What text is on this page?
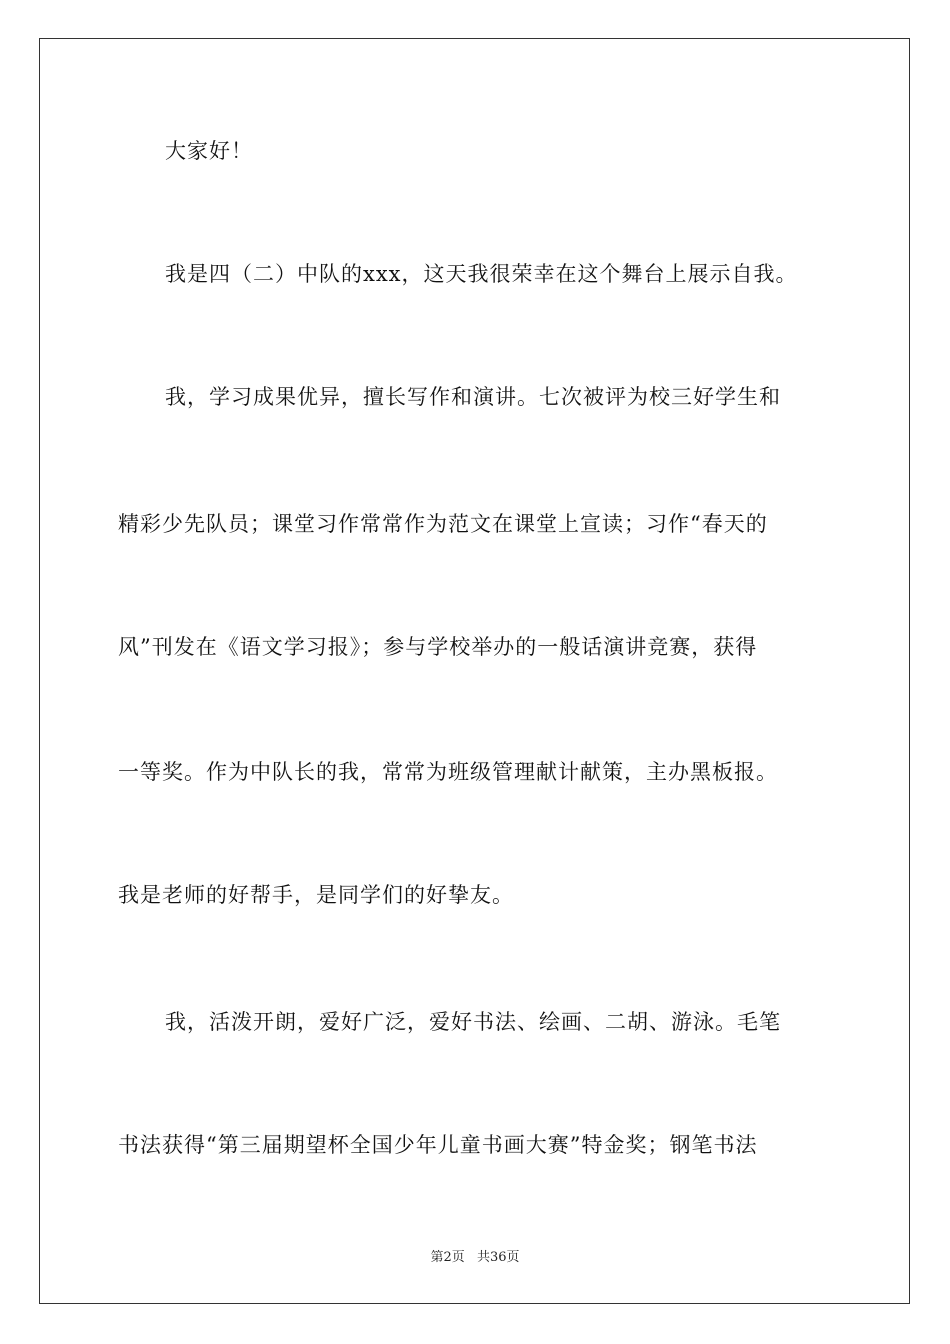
大家好！
我是四（二）中队的xxx，这天我很荣幸在这个舞台上展示自我。
我，学习成果优异，擅长写作和演讲。七次被评为校三好学生和
精彩少先队员；课堂习作常常作为范文在课堂上宣读；习作“春天的
风”刊发在《语文学习报》；参与学校举办的一般话演讲竞赛，获得
一等奖。作为中队长的我，常常为班级管理献计献策，主办黑板报。
我是老师的好帮手，是同学们的好挚友。
我，活泼开朗，爱好广泛，爱好书法、绘画、二胡、游泳。毛笔
书法获得“第三届期望杯全国少年儿童书画大赛”特金奖；钢笔书法
第2页 共36页
